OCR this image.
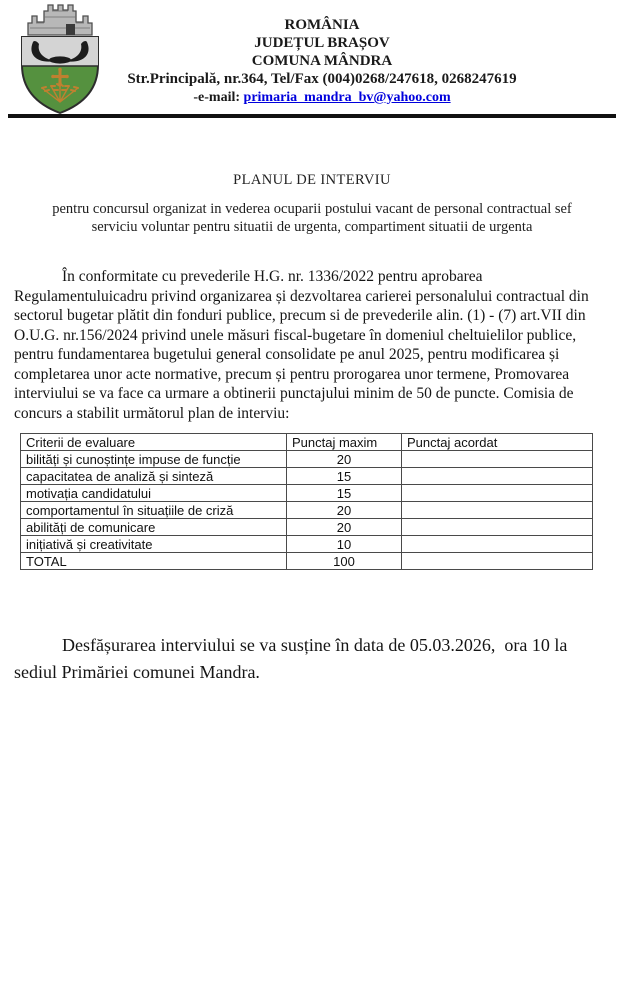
ROMÂNIA
JUDEȚUL BRAȘOV
COMUNA MÂNDRA
Str.Principală, nr.364, Tel/Fax (004)0268/247618, 0268247619
-e-mail: primaria_mandra_bv@yahoo.com
PLANUL DE INTERVIU
pentru concursul organizat in vederea ocuparii postului vacant de personal contractual sef serviciu voluntar pentru situatii de urgenta, compartiment situatii de urgenta

În conformitate cu prevederile H.G. nr. 1336/2022 pentru aprobarea Regulamentuluicadru privind organizarea și dezvoltarea carierei personalului contractual din sectorul bugetar plătit din fonduri publice, precum si de prevederile alin. (1) - (7) art.VII din O.U.G. nr.156/2024 privind unele măsuri fiscal-bugetare în domeniul cheltuielilor publice, pentru fundamentarea bugetului general consolidate pe anul 2025, pentru modificarea și completarea unor acte normative, precum și pentru prorogarea unor termene, Promovarea interviului se va face ca urmare a obtinerii punctajului minim de 50 de puncte. Comisia de concurs a stabilit următorul plan de interviu:

Criterii de evaluare	Punctaj maxim	Punctaj acordat
bilități și cunoștințe impuse de funcție	20	
capacitatea de analiză și sinteză	15	
motivația candidatului	15	
comportamentul în situațiile de criză	20	
abilități de comunicare	20	
inițiativă și creativitate	10	
TOTAL	100	

Desfășurarea interviului se va susține în data de 05.03.2026,  ora 10 la sediul Primăriei comunei Mandra.
